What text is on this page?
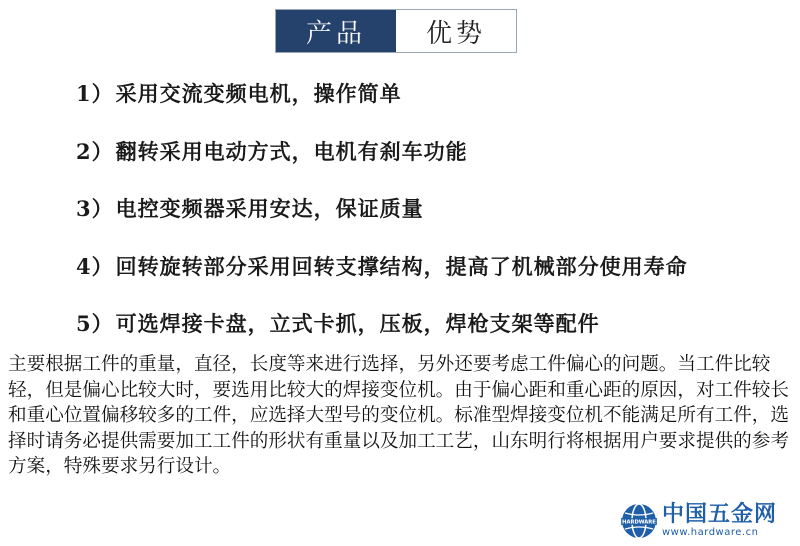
产品	优势
1）采用交流变频电机，操作简单
2）翻转采用电动方式，电机有刹车功能
3）电控变频器采用安达，保证质量
4）回转旋转部分采用回转支撑结构，提高了机械部分使用寿命
5）可选焊接卡盘，立式卡抓，压板，焊枪支架等配件

主要根据工件的重量，直径，长度等来进行选择，另外还要考虑工件偏心的问题。当工件比较轻，但是偏心比较大时，要选用比较大的焊接变位机。由于偏心距和重心距的原因，对工件较长和重心位置偏移较多的工件，应选择大型号的变位机。标准型焊接变位机不能满足所有工件，选择时请务必提供需要加工工件的形状有重量以及加工工艺，山东明行将根据用户要求提供的参考方案，特殊要求另行设计。

HARDWARE 中国五金网
www.hardware.cn
